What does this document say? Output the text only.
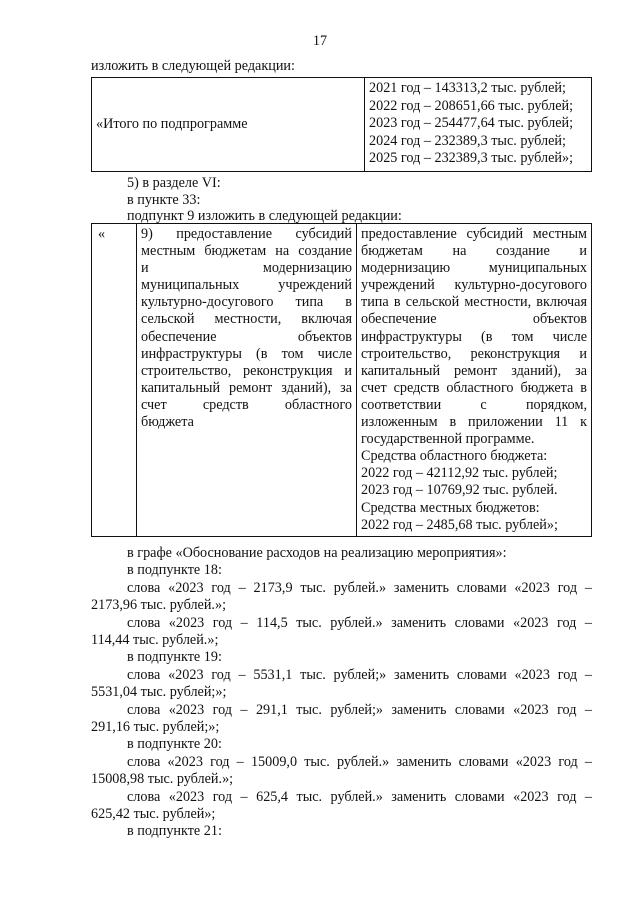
17
изложить в следующей редакции:
«Итого по подпрограмме	
2021 год – 143313,2 тыс. рублей;
2022 год – 208651,66 тыс. рублей;
2023 год – 254477,64 тыс. рублей;
2024 год – 232389,3 тыс. рублей;
2025 год – 232389,3 тыс. рублей»;
5) в разделе VI:
в пункте 33:
подпункт 9 изложить в следующей редакции:
«	9) предоставление субсидий
местным бюджетам на создание
и модернизацию
муниципальных учреждений
культурно-досугового типа в
сельской местности, включая
обеспечение объектов
инфраструктуры (в том числе
строительство, реконструкция и
капитальный ремонт зданий), за
счет средств областного
бюджета

предоставление субсидий местным
бюджетам на создание и
модернизацию муниципальных
учреждений культурно-досугового
типа в сельской местности, включая
обеспечение объектов
инфраструктуры (в том числе
строительство, реконструкция и
капитальный ремонт зданий), за
счет средств областного бюджета в
соответствии с порядком,
изложенным в приложении 11 к
государственной программе.
Средства областного бюджета:
2022 год – 42112,92 тыс. рублей;
2023 год – 10769,92 тыс. рублей.
Средства местных бюджетов:
2022 год – 2485,68 тыс. рублей»;
в графе «Обоснование расходов на реализацию мероприятия»:
в подпункте 18:
слова «2023 год – 2173,9 тыс. рублей.» заменить словами «2023 год –
2173,96 тыс. рублей.»;
слова «2023 год – 114,5 тыс. рублей.» заменить словами «2023 год –
114,44 тыс. рублей.»;
в подпункте 19:
слова «2023 год – 5531,1 тыс. рублей;» заменить словами «2023 год –
5531,04 тыс. рублей;»;
слова «2023 год – 291,1 тыс. рублей;» заменить словами «2023 год –
291,16 тыс. рублей;»;
в подпункте 20:
слова «2023 год – 15009,0 тыс. рублей.» заменить словами «2023 год –
15008,98 тыс. рублей.»;
слова «2023 год – 625,4 тыс. рублей.» заменить словами «2023 год –
625,42 тыс. рублей»;
в подпункте 21:
